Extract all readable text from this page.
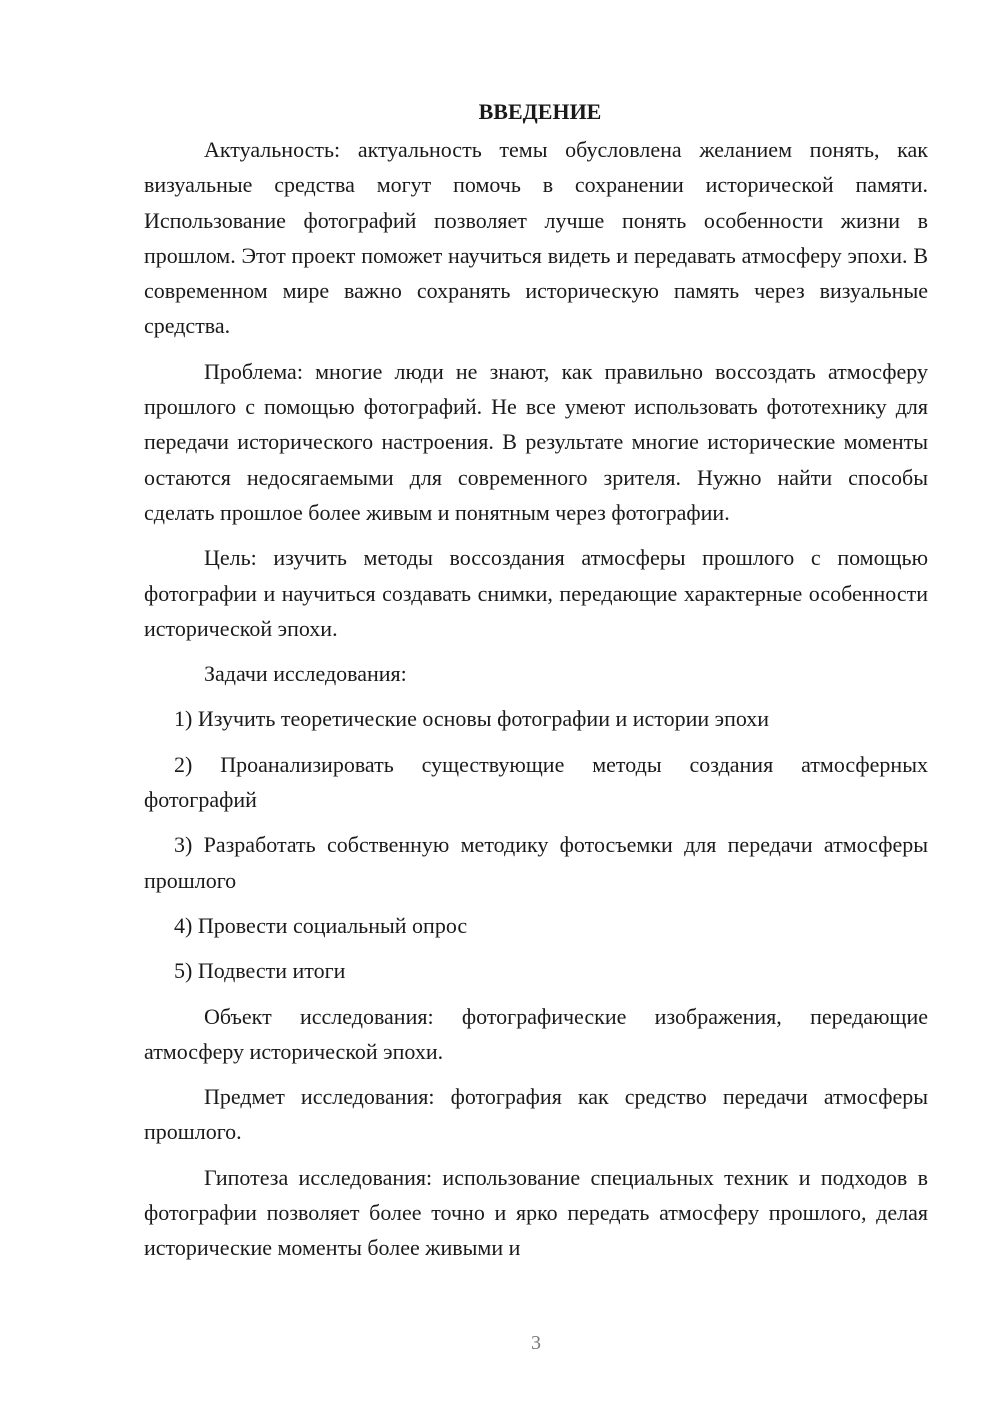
ВВЕДЕНИЕ

Актуальность: актуальность темы обусловлена желанием понять, как визуальные средства могут помочь в сохранении исторической памяти. Использование фотографий позволяет лучше понять особенности жизни в прошлом. Этот проект поможет научиться видеть и передавать атмосферу эпохи. В современном мире важно сохранять историческую память через визуальные средства.

Проблема: многие люди не знают, как правильно воссоздать атмосферу прошлого с помощью фотографий. Не все умеют использовать фототехнику для передачи исторического настроения. В результате многие исторические моменты остаются недосягаемыми для современного зрителя. Нужно найти способы сделать прошлое более живым и понятным через фотографии.

Цель: изучить методы воссоздания атмосферы прошлого с помощью фотографии и научиться создавать снимки, передающие характерные особенности исторической эпохи.

Задачи исследования:

1) Изучить теоретические основы фотографии и истории эпохи

2) Проанализировать существующие методы создания атмосферных фотографий

3) Разработать собственную методику фотосъемки для передачи атмосферы прошлого

4) Провести социальный опрос

5) Подвести итоги

Объект исследования: фотографические изображения, передающие атмосферу исторической эпохи.

Предмет исследования: фотография как средство передачи атмосферы прошлого.

Гипотеза исследования: использование специальных техник и подходов в фотографии позволяет более точно и ярко передать атмосферу прошлого, делая исторические моменты более живыми и

3
